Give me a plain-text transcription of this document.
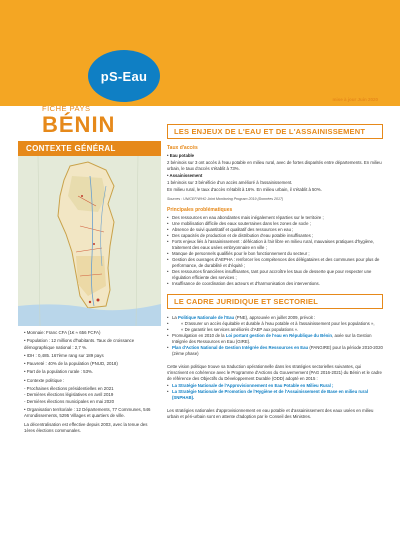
pS-Eau
mise à jour Juin 2020
FICHE PAYS
BÉNIN
CONTEXTE GÉNÉRAL
• Monnaie: Franc CFA (1€ ≈ 656 FCFA)
• Population : 12 millions d'habitants. Taux de croissance démographique national : 2,7 %.
• IDH : 0,485. 167ème rang sur 189 pays
• Pauvreté : 40% de la population (PNUD, 2018)
• Part de la population rurale : 53%.
• Contexte politique :
- Prochaines élections présidentielles en 2021
- Dernières élections législatives en avril 2019
- Dernières élections municipales en mai 2020
• Organisation territoriale : 12 Départements, 77 Communes, 546 Arrondissements, 5295 Villages et quartiers de ville.
La décentralisation est effective depuis 2003, avec la tenue des 1ères élections communales.
LES ENJEUX DE L'EAU ET DE L'ASSAINISSEMENT
Taux d'accès
• Eau potable
2 béninois sur 3 ont accès à l'eau potable en milieu rural, avec de fortes disparités entre départements. En milieu urbain, le taux d'accès s'établit à 73%.
• Assainissement
1 béninois sur 3 bénéficie d'un accès amélioré à l'assainissement.
En milieu rural, le taux d'accès s'établit à 16%. En milieu urbain, il s'établit à 50%.
Sources : UNICEF/WHO Joint Monitoring Program 2019 (Données 2017)
Principales problématiques
• Des ressources en eau abondantes mais inégalement réparties sur le territoire ;
• Une mobilisation difficile des eaux souterraines dans les zones de socle ;
• Absence de suivi quantitatif et qualitatif des ressources en eau ;
• Des capacités de production et de distribution d'eau potable insuffisantes ;
• Forts enjeux liés à l'assainissement : défécation à l'air libre en milieu rural, mauvaises pratiques d'hygiène, traitement des eaux usées embryonnaire en ville ;
• Manque de personnels qualifiés pour le bon fonctionnement du secteur ;
• Gestion des ouvrages d'AEPHA : renforcer les compétences des délégataires et des communes pour plus de performance, de durabilité et d'équité ;
• Des ressources financières insuffisantes, tant pour accroître les taux de desserte que pour respecter une régulation efficiente des services ;
• Insuffisance de coordination des acteurs et d'harmonisation des interventions.
LE CADRE JURIDIQUE ET SECTORIEL
• La Politique Nationale de l'Eau (PNE), approuvée en juillet 2009, prévoit :
• « D'assurer un accès équitable et durable à l'eau potable et à l'assainissement pour les populations »,
• « De garantir les services améliorés d'AEP aux populations ».
• Promulgation en 2010 de la Loi portant gestion de l'eau en République du Bénin, axée sur la Gestion Intégrée des Ressources en Eau (GIRE).
• Plan d'Action National de Gestion Intégrée des Ressources en Eau (PANGIRE) pour la période 2010-2020 (2ème phase)
Cette vision politique trouve sa traduction opérationnelle dans les stratégies sectorielles suivantes, qui s'inscrivent en cohérence avec le Programme d'Actions du Gouvernement (PAG 2016-2021) du Bénin et le cadre de référence des Objectifs du Développement Durable (ODD) adopté en 2015 :
• La Stratégie Nationale de l'Approvisionnement en Eau Potable en Milieu Rural ;
• La Stratégie Nationale de Promotion de l'Hygiène et de l'Assainissement de Base en milieu rural (SNPHAB).
Les stratégies nationales d'approvisionnement en eau potable et d'assainissement des eaux usées en milieu urbain et péri-urbain sont en attente d'adoption par le Conseil des Ministres.
